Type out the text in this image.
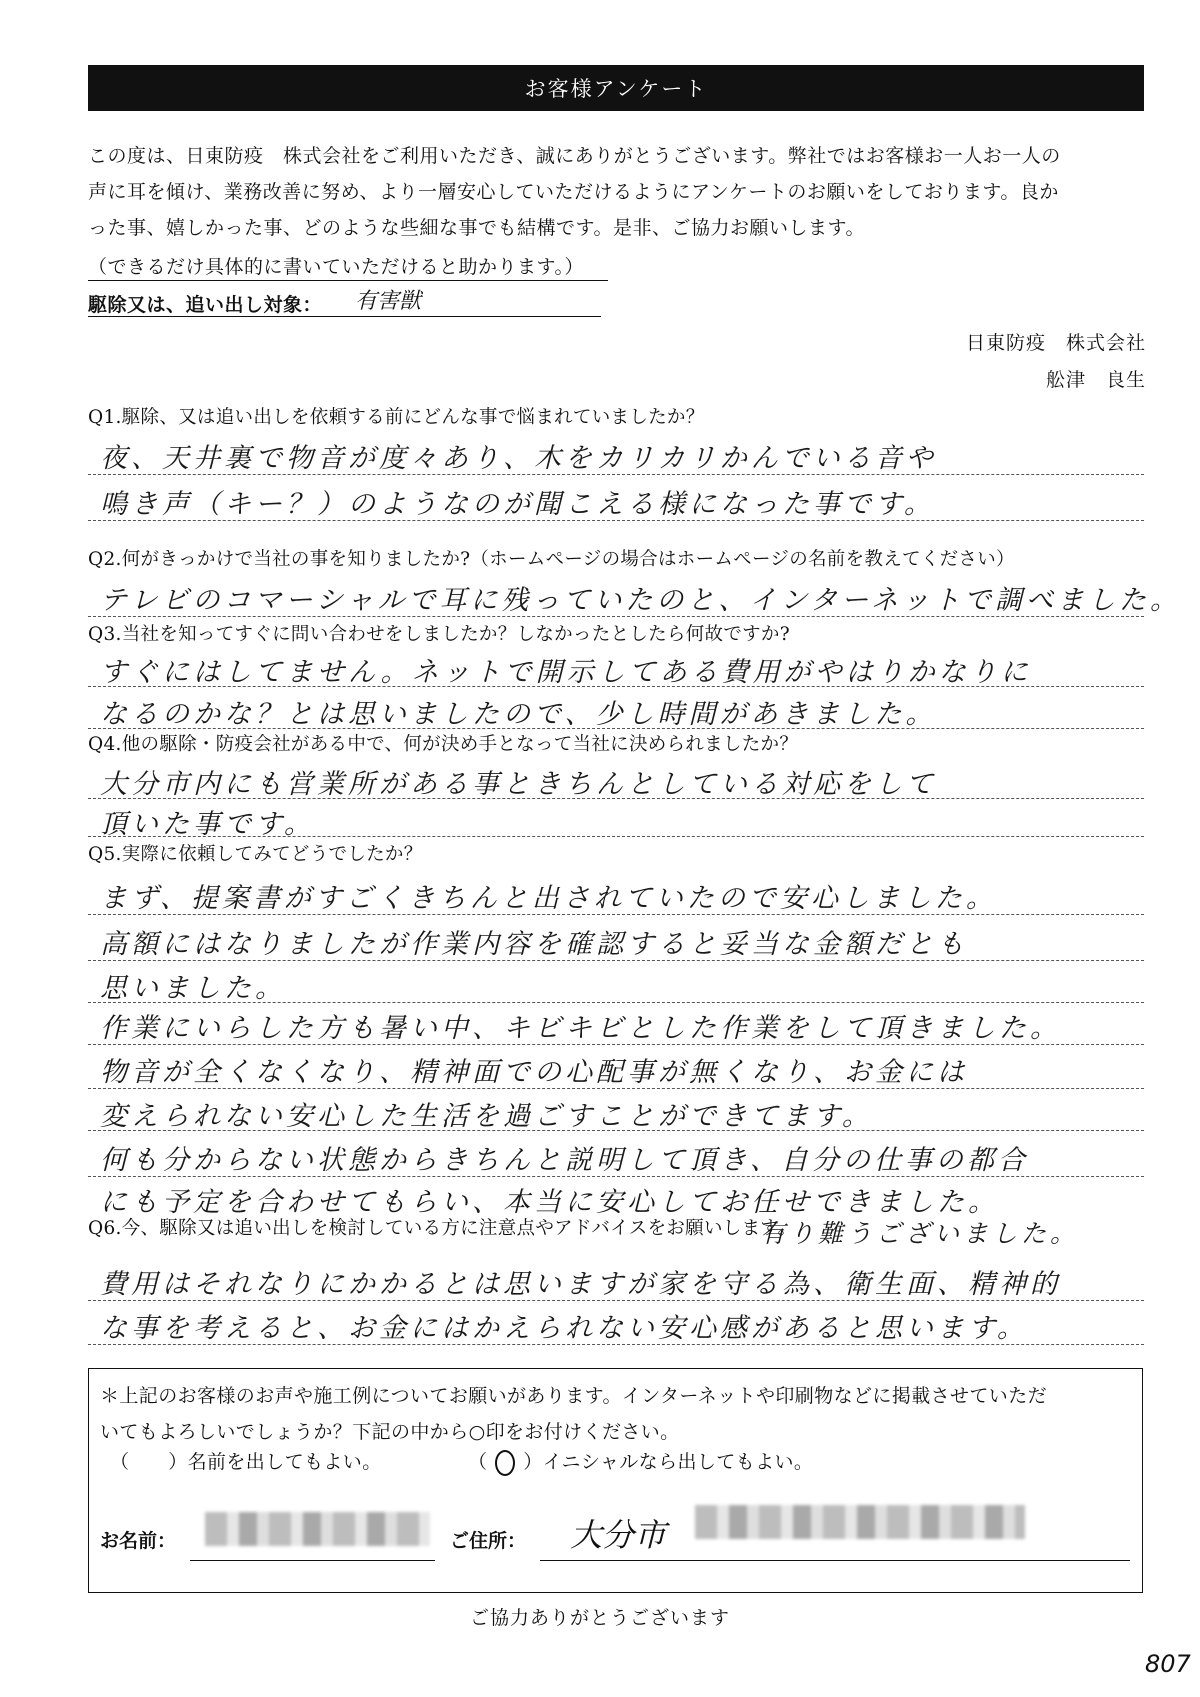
お客様アンケート

この度は、日東防疫　株式会社をご利用いただき、誠にありがとうございます。弊社ではお客様お一人お一人の

声に耳を傾け、業務改善に努め、より一層安心していただけるようにアンケートのお願いをしております。良か

った事、嬉しかった事、どのような些細な事でも結構です。是非、ご協力お願いします。

（できるだけ具体的に書いていただけると助かります。）
駆除又は、追い出し対象： 有害獣
日東防疫　株式会社
舩津　良生
Q1.駆除、又は追い出しを依頼する前にどんな事で悩まれていましたか？
夜、天井裏で物音が度々あり、木をカリカリかんでいる音や
鳴き声（キー？）のようなのが聞こえる様になった事です。
Q2.何がきっかけで当社の事を知りましたか?（ホームページの場合はホームページの名前を教えてください）
テレビのコマーシャルで耳に残っていたのと、インターネットで調べました。
Q3.当社を知ってすぐに問い合わせをしましたか？しなかったとしたら何故ですか?
すぐにはしてません。ネットで開示してある費用がやはりかなりに
なるのかな？とは思いましたので、少し時間があきました。
Q4.他の駆除・防疫会社がある中で、何が決め手となって当社に決められましたか？
大分市内にも営業所がある事ときちんとしている対応をして
頂いた事です。
Q5.実際に依頼してみてどうでしたか？
まず、提案書がすごくきちんと出されていたので安心しました。
高額にはなりましたが作業内容を確認すると妥当な金額だとも
思いました。
作業にいらした方も暑い中、キビキビとした作業をして頂きました。
物音が全くなくなり、精神面での心配事が無くなり、お金には
変えられない安心した生活を過ごすことができてます。
何も分からない状態からきちんと説明して頂き、自分の仕事の都合
にも予定を合わせてもらい、本当に安心してお任せできました。
有り難うございました。
Q6.今、駆除又は追い出しを検討している方に注意点やアドバイスをお願いします。
費用はそれなりにかかるとは思いますが家を守る為、衛生面、精神的
な事を考えると、お金にはかえられない安心感があると思います。

＊上記のお客様のお声や施工例についてお願いがあります。インターネットや印刷物などに掲載させていただ

いてもよろしいでしょうか？下記の中から○印をお付けください。

（　　）名前を出してもよい。	（ ○ ）イニシャルなら出してもよい。
お名前：	ご住所： 大分市
ご協力ありがとうございます
807
